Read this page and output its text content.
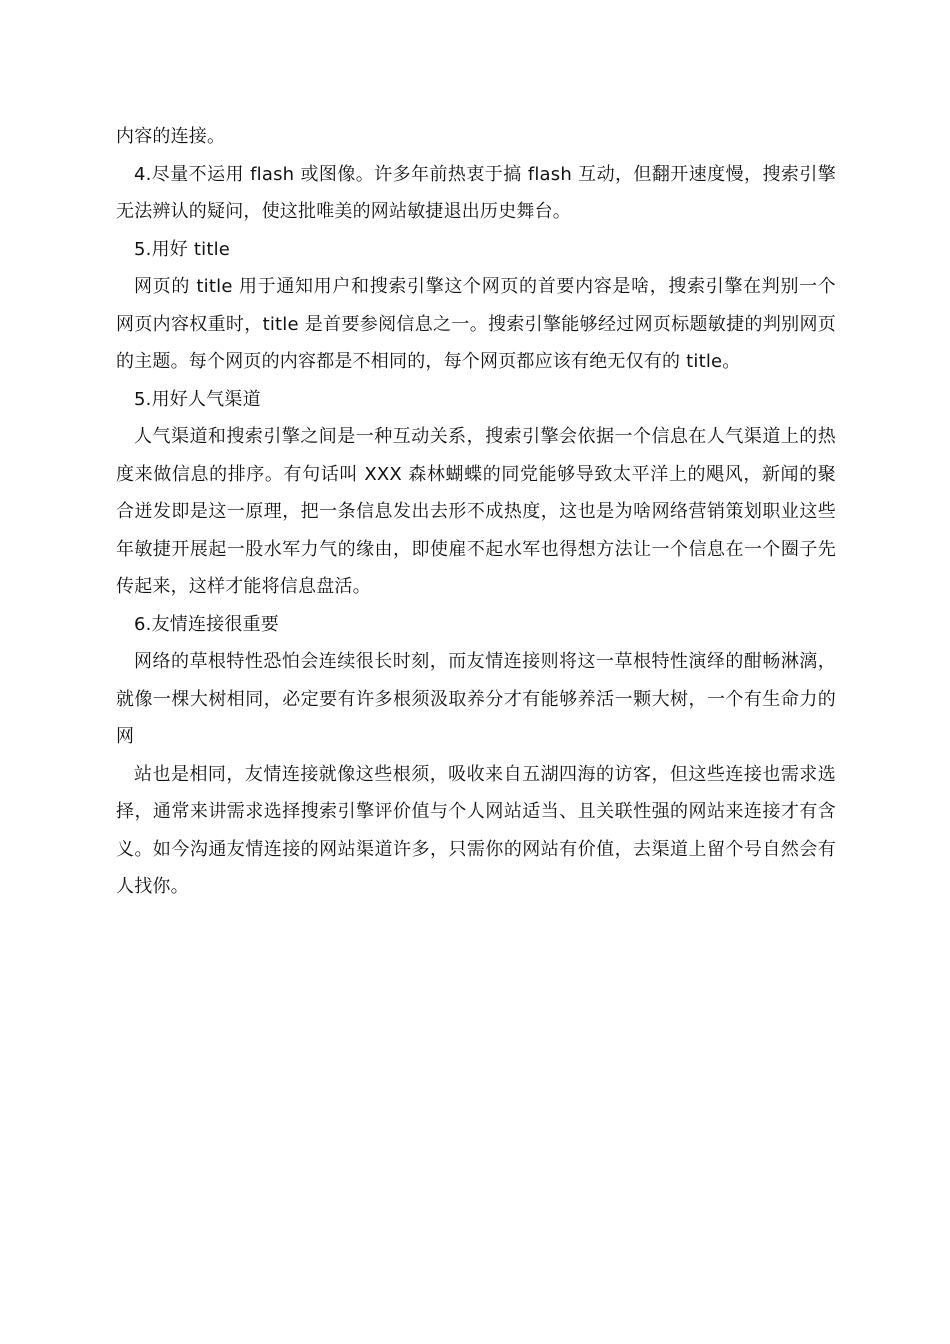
内容的连接。

4.尽量不运用 flash 或图像。许多年前热衷于搞 flash 互动，但翻开速度慢，搜索引擎无法辨认的疑问，使这批唯美的网站敏捷退出历史舞台。

5.用好 title

网页的 title 用于通知用户和搜索引擎这个网页的首要内容是啥，搜索引擎在判别一个网页内容权重时，title 是首要参阅信息之一。搜索引擎能够经过网页标题敏捷的判别网页的主题。每个网页的内容都是不相同的，每个网页都应该有绝无仅有的 title。

5.用好人气渠道

人气渠道和搜索引擎之间是一种互动关系，搜索引擎会依据一个信息在人气渠道上的热度来做信息的排序。有句话叫 XXX 森林蝴蝶的同党能够导致太平洋上的飓风，新闻的聚合迸发即是这一原理，把一条信息发出去形不成热度，这也是为啥网络营销策划职业这些年敏捷开展起一股水军力气的缘由，即使雇不起水军也得想方法让一个信息在一个圈子先传起来，这样才能将信息盘活。

6.友情连接很重要

网络的草根特性恐怕会连续很长时刻，而友情连接则将这一草根特性演绎的酣畅淋漓，就像一棵大树相同，必定要有许多根须汲取养分才有能够养活一颗大树，一个有生命力的网

站也是相同，友情连接就像这些根须，吸收来自五湖四海的访客，但这些连接也需求选择，通常来讲需求选择搜索引擎评价值与个人网站适当、且关联性强的网站来连接才有含义。如今沟通友情连接的网站渠道许多，只需你的网站有价值，去渠道上留个号自然会有人找你。
